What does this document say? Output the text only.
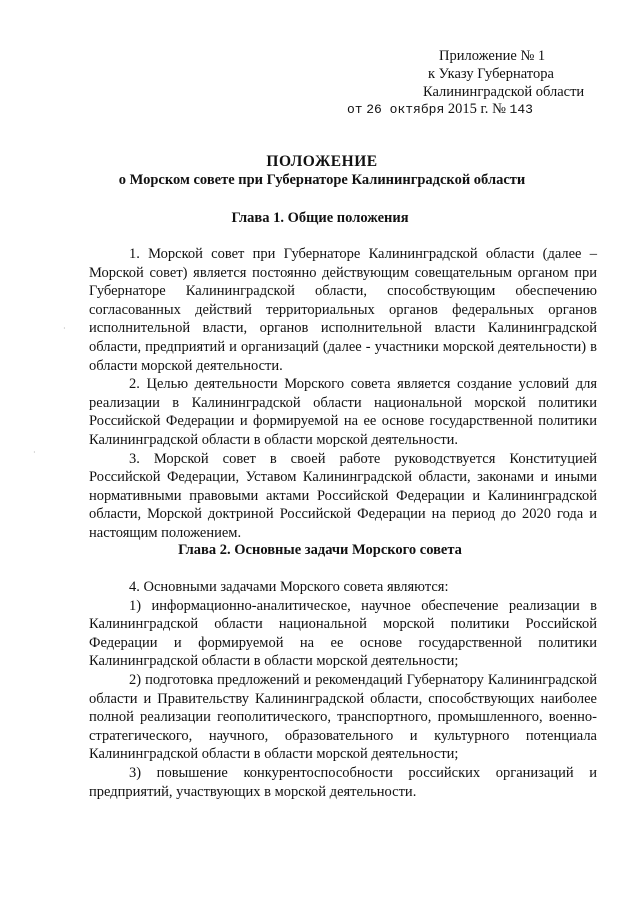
Приложение № 1
к Указу Губернатора
Калининградской области
от 26 октября 2015 г. № 143
ПОЛОЖЕНИЕ
о Морском совете при Губернаторе Калининградской области
Глава 1. Общие положения

1. Морской совет при Губернаторе Калининградской области (далее – Морской совет) является постоянно действующим совещательным органом при Губернаторе Калининградской области, способствующим обеспечению согласованных действий территориальных органов федеральных органов исполнительной власти, органов исполнительной власти Калининградской области, предприятий и организаций (далее - участники морской деятельности) в области морской деятельности.

2. Целью деятельности Морского совета является создание условий для реализации в Калининградской области национальной морской политики Российской Федерации и формируемой на ее основе государственной политики Калининградской области в области морской деятельности.

3. Морской совет в своей работе руководствуется Конституцией Российской Федерации, Уставом Калининградской области, законами и иными нормативными правовыми актами Российской Федерации и Калининградской области, Морской доктриной Российской Федерации на период до 2020 года и настоящим положением.

Глава 2. Основные задачи Морского совета

4. Основными задачами Морского совета являются:

1) информационно-аналитическое, научное обеспечение реализации в Калининградской области национальной морской политики Российской Федерации и формируемой на ее основе государственной политики Калининградской области в области морской деятельности;

2) подготовка предложений и рекомендаций Губернатору Калининградской области и Правительству Калининградской области, способствующих наиболее полной реализации геополитического, транспортного, промышленного, военно-стратегического, научного, образовательного и культурного потенциала Калининградской области в области морской деятельности;

3) повышение конкурентоспособности российских организаций и предприятий, участвующих в морской деятельности.

·
·
